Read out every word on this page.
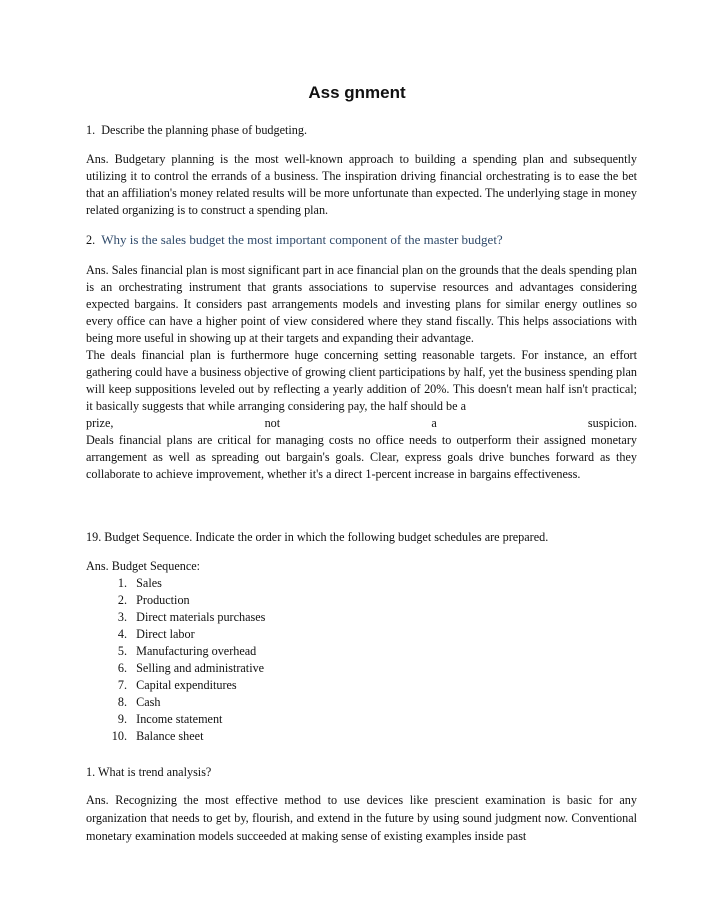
Ass gnment

1. Describe the planning phase of budgeting.

Ans. Budgetary planning is the most well-known approach to building a spending plan and subsequently utilizing it to control the errands of a business. The inspiration driving financial orchestrating is to ease the bet that an affiliation's money related results will be more unfortunate than expected. The underlying stage in money related organizing is to construct a spending plan.

2. Why is the sales budget the most important component of the master budget?

Ans. Sales financial plan is most significant part in ace financial plan on the grounds that the deals spending plan is an orchestrating instrument that grants associations to supervise resources and advantages considering expected bargains. It considers past arrangements models and investing plans for similar energy outlines so every office can have a higher point of view considered where they stand fiscally. This helps associations with being more useful in showing up at their targets and expanding their advantage.

The deals financial plan is furthermore huge concerning setting reasonable targets. For instance, an effort gathering could have a business objective of growing client participations by half, yet the business spending plan will keep suppositions leveled out by reflecting a yearly addition of 20%. This doesn't mean half isn't practical; it basically suggests that while arranging considering pay, the half should be a

prize, not a suspicion.

Deals financial plans are critical for managing costs no office needs to outperform their assigned monetary arrangement as well as spreading out bargain's goals. Clear, express goals drive bunches forward as they collaborate to achieve improvement, whether it's a direct 1-percent increase in bargains effectiveness.

19. Budget Sequence. Indicate the order in which the following budget schedules are prepared.

Ans. Budget Sequence:

1.
Sales
2.
Production
3.
Direct materials purchases
4.
Direct labor
5.
Manufacturing overhead
6.
Selling and administrative
7.
Capital expenditures
8.
Cash
9.
Income statement
10.
Balance sheet

1. What is trend analysis?

Ans. Recognizing the most effective method to use devices like prescient examination is basic for any organization that needs to get by, flourish, and extend in the future by using sound judgment now. Conventional monetary examination models succeeded at making sense of existing examples inside past
